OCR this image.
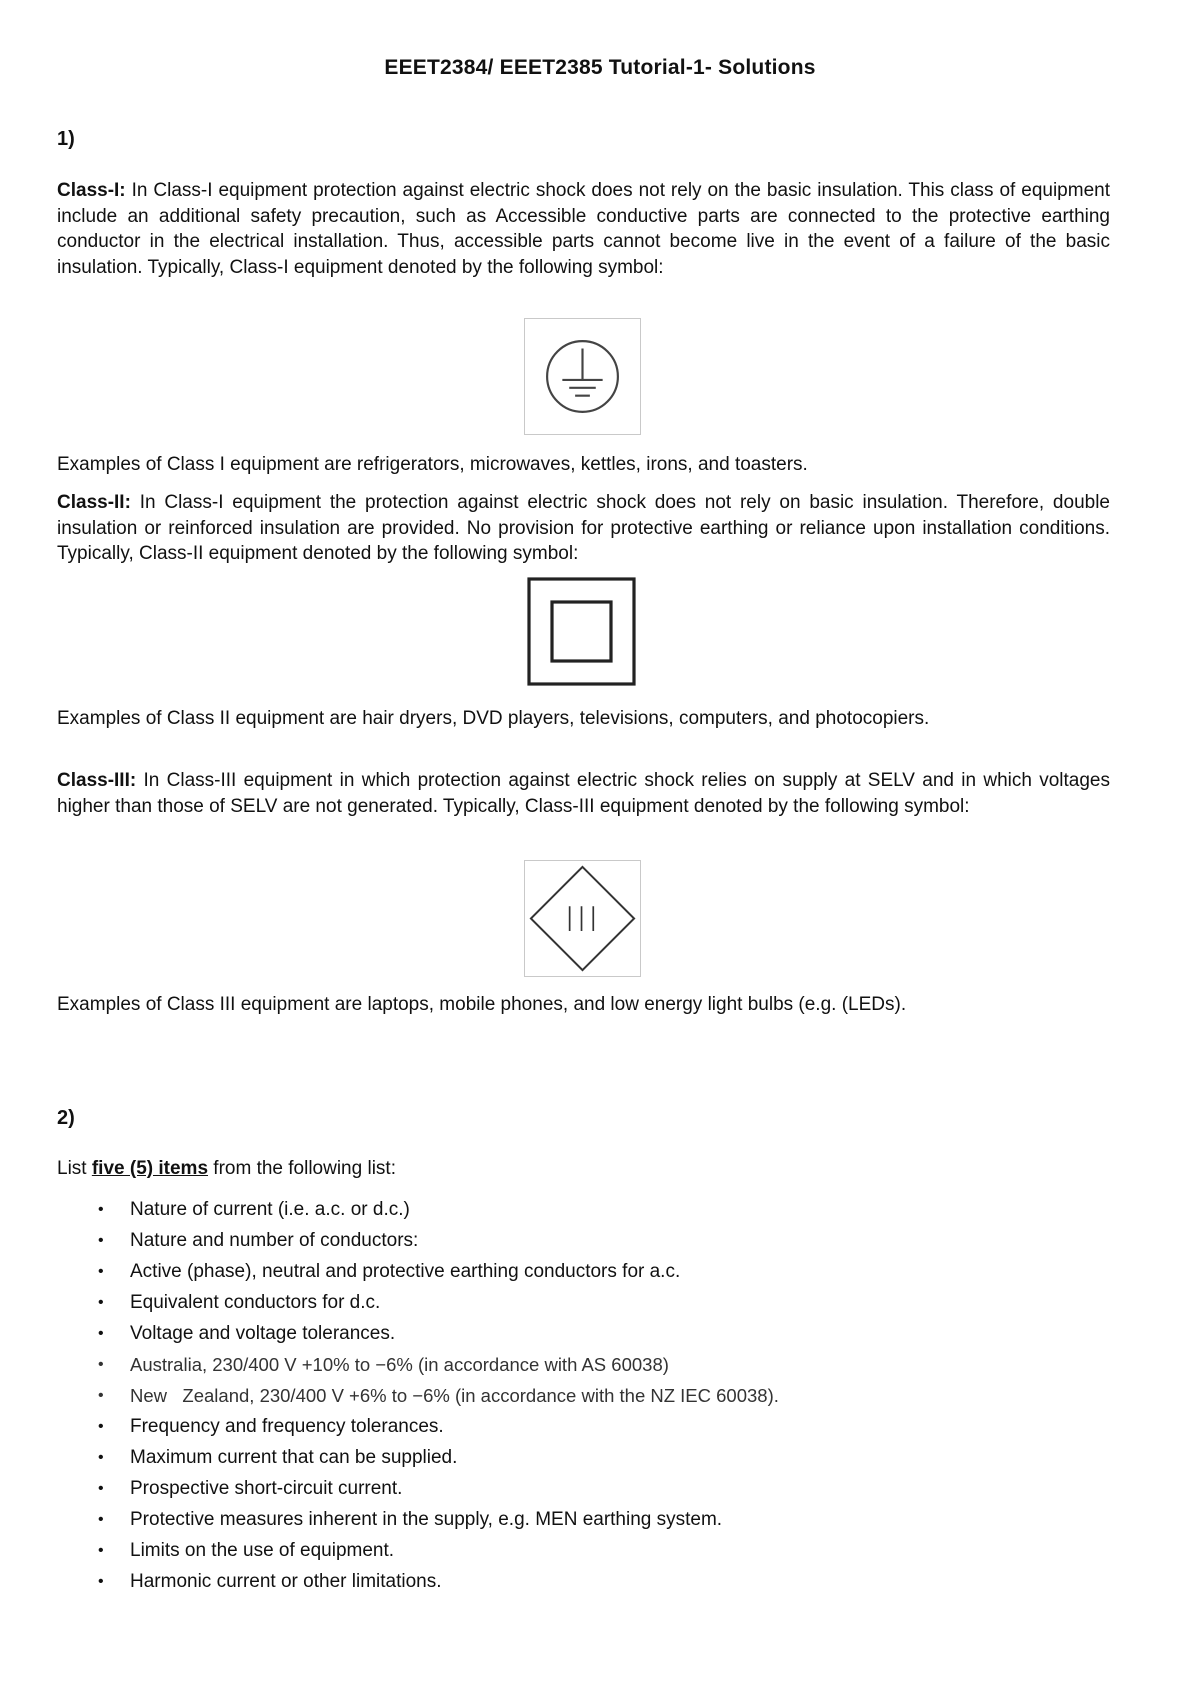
EEET2384/ EEET2385 Tutorial-1- Solutions
1)
Class-I: In Class-I equipment protection against electric shock does not rely on the basic insulation. This class of equipment include an additional safety precaution, such as Accessible conductive parts are connected to the protective earthing conductor in the electrical installation. Thus, accessible parts cannot become live in the event of a failure of the basic insulation. Typically, Class-I equipment denoted by the following symbol:
Examples of Class I equipment are refrigerators, microwaves, kettles, irons, and toasters.
Class-II: In Class-I equipment the protection against electric shock does not rely on basic insulation. Therefore, double insulation or reinforced insulation are provided. No provision for protective earthing or reliance upon installation conditions. Typically, Class-II equipment denoted by the following symbol:
Examples of Class II equipment are hair dryers, DVD players, televisions, computers, and photocopiers.
Class-III: In Class-III equipment in which protection against electric shock relies on supply at SELV and in which voltages higher than those of SELV are not generated. Typically, Class-III equipment denoted by the following symbol:
III
Examples of Class III equipment are laptops, mobile phones, and low energy light bulbs (e.g. (LEDs).
2)
List five (5) items from the following list:
• Nature of current (i.e. a.c. or d.c.)
• Nature and number of conductors:
• Active (phase), neutral and protective earthing conductors for a.c.
• Equivalent conductors for d.c.
• Voltage and voltage tolerances.
• Australia, 230/400 V +10% to −6% (in accordance with AS 60038)
• New   Zealand, 230/400 V +6% to −6% (in accordance with the NZ IEC 60038).
• Frequency and frequency tolerances.
• Maximum current that can be supplied.
• Prospective short-circuit current.
• Protective measures inherent in the supply, e.g. MEN earthing system.
• Limits on the use of equipment.
• Harmonic current or other limitations.
